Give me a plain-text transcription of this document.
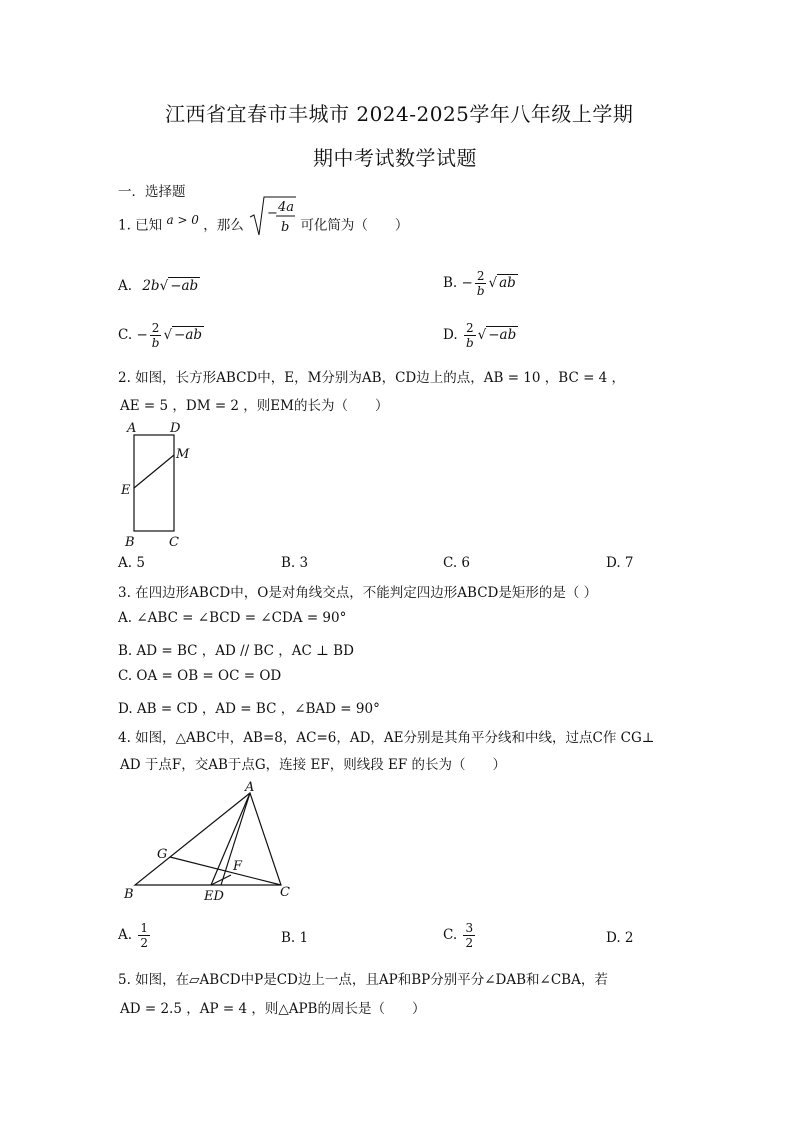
江西省宜春市丰城市 2024-2025学年八年级上学期
期中考试数学试题
一．选择题
1. 已知 a > 0 ，那么
− 4a
b 可化简为（　　）
A. 2b√ −ab	B. − $\frac{2}{b}$ √ ab
C. − $\frac{2}{b}$ √ −ab	D. $\frac{2}{b}$ √ −ab
2. 如图，长方形ABCD中，E，M分别为AB，CD边上的点，AB = 10 ，BC = 4 ，
AE = 5 ，DM = 2 ，则EM的长为（　　）
A	D
M
E
B	C
A. 5	B. 3	C. 6	D. 7
3. 在四边形ABCD中，O是对角线交点，不能判定四边形ABCD是矩形的是（ ）
A. ∠ABC = ∠BCD = ∠CDA = 90°
B. AD = BC ，AD // BC ，AC ⊥ BD
C. OA = OB = OC = OD
D. AB = CD ，AD = BC ，∠BAD = 90°
4. 如图，△ABC中，AB=8，AC=6，AD，AE分别是其角平分线和中线，过点C作 CG⊥
AD 于点F，交AB于点G，连接 EF，则线段 EF 的长为（　　）
A
G
F
B	ED	C
A. $\frac{1}{2}$	B. 1	C. $\frac{3}{2}$	D. 2
5. 如图，在▱ABCD中P是CD边上一点，且AP和BP分别平分∠DAB和∠CBA，若
AD = 2.5 ，AP = 4 ，则△APB的周长是（　　）
